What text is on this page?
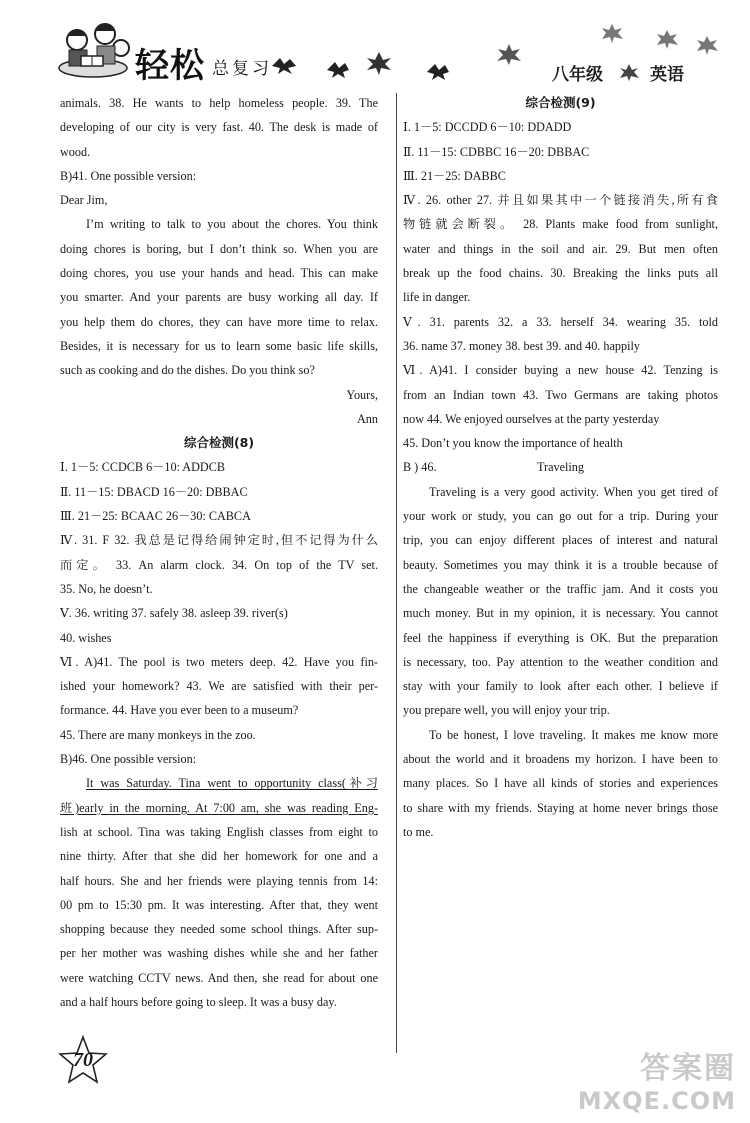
轻松 总复习	八年级	英语

animals. 38. He wants to help homeless people. 39. The

developing of our city is very fast. 40. The desk is made of

wood.

B)41. One possible version:

Dear Jim,

I’m writing to talk to you about the chores. You think

doing chores is boring, but I don’t think so. When you are

doing chores, you use your hands and head. This can make

you smarter. And your parents are busy working all day. If

you help them do chores, they can have more time to relax.

Besides, it is necessary for us to learn some basic life skills,

such as cooking and do the dishes. Do you think so?

Yours,

Ann

综合检测(8)

Ⅰ. 1－5: CCDCB 6－10: ADDCB

Ⅱ. 11－15: DBACD 16－20: DBBAC

Ⅲ. 21－25: BCAAC 26－30: CABCA

Ⅳ. 31. F 32. 我总是记得给闹钟定时,但不记得为什么

而定。 33. An alarm clock. 34. On top of the TV set.

35. No, he doesn’t.

Ⅴ. 36. writing 37. safely 38. asleep 39. river(s)

40. wishes

Ⅵ. A)41. The pool is two meters deep. 42. Have you fin-

ished your homework? 43. We are satisfied with their per-

formance. 44. Have you ever been to a museum?

45. There are many monkeys in the zoo.

B)46. One possible version:

It was Saturday. Tina went to opportunity class(补习

班)early in the morning. At 7:00 am, she was reading Eng-

lish at school. Tina was taking English classes from eight to

nine thirty. After that she did her homework for one and a

half hours. She and her friends were playing tennis from 14:

00 pm to 15:30 pm. It was interesting. After that, they went

shopping because they needed some school things. After sup-

per her mother was washing dishes while she and her father

were watching CCTV news. And then, she read for about one

and a half hours before going to sleep. It was a busy day.

综合检测(9)

Ⅰ. 1－5: DCCDD 6－10: DDADD

Ⅱ. 11－15: CDBBC 16－20: DBBAC

Ⅲ. 21－25: DABBC

Ⅳ. 26. other 27. 并且如果其中一个链接消失,所有食

物链就会断裂。 28. Plants make food from sunlight,

water and things in the soil and air. 29. But men often

break up the food chains. 30. Breaking the links puts all

life in danger.

Ⅴ. 31. parents 32. a 33. herself 34. wearing 35. told

36. name 37. money 38. best 39. and 40. happily

Ⅵ. A)41. I consider buying a new house 42. Tenzing is

from an Indian town 43. Two Germans are taking photos

now 44. We enjoyed ourselves at the party yesterday

45. Don’t you know the importance of health

B ) 46.	Traveling

Traveling is a very good activity. When you get tired of

your work or study, you can go out for a trip. During your

trip, you can enjoy different places of interest and natural

beauty. Sometimes you may think it is a trouble because of

the changeable weather or the traffic jam. And it costs you

much money. But in my opinion, it is necessary. You cannot

feel the happiness if everything is OK. But the preparation

is necessary, too. Pay attention to the weather condition and

stay with your family to look after each other. I believe if

you prepare well, you will enjoy your trip.

To be honest, I love traveling. It makes me know more

about the world and it broadens my horizon. I have been to

many places. So I have all kinds of stories and experiences

to share with my friends. Staying at home never brings those

to me.

70	答案圈
MXQE.COM
